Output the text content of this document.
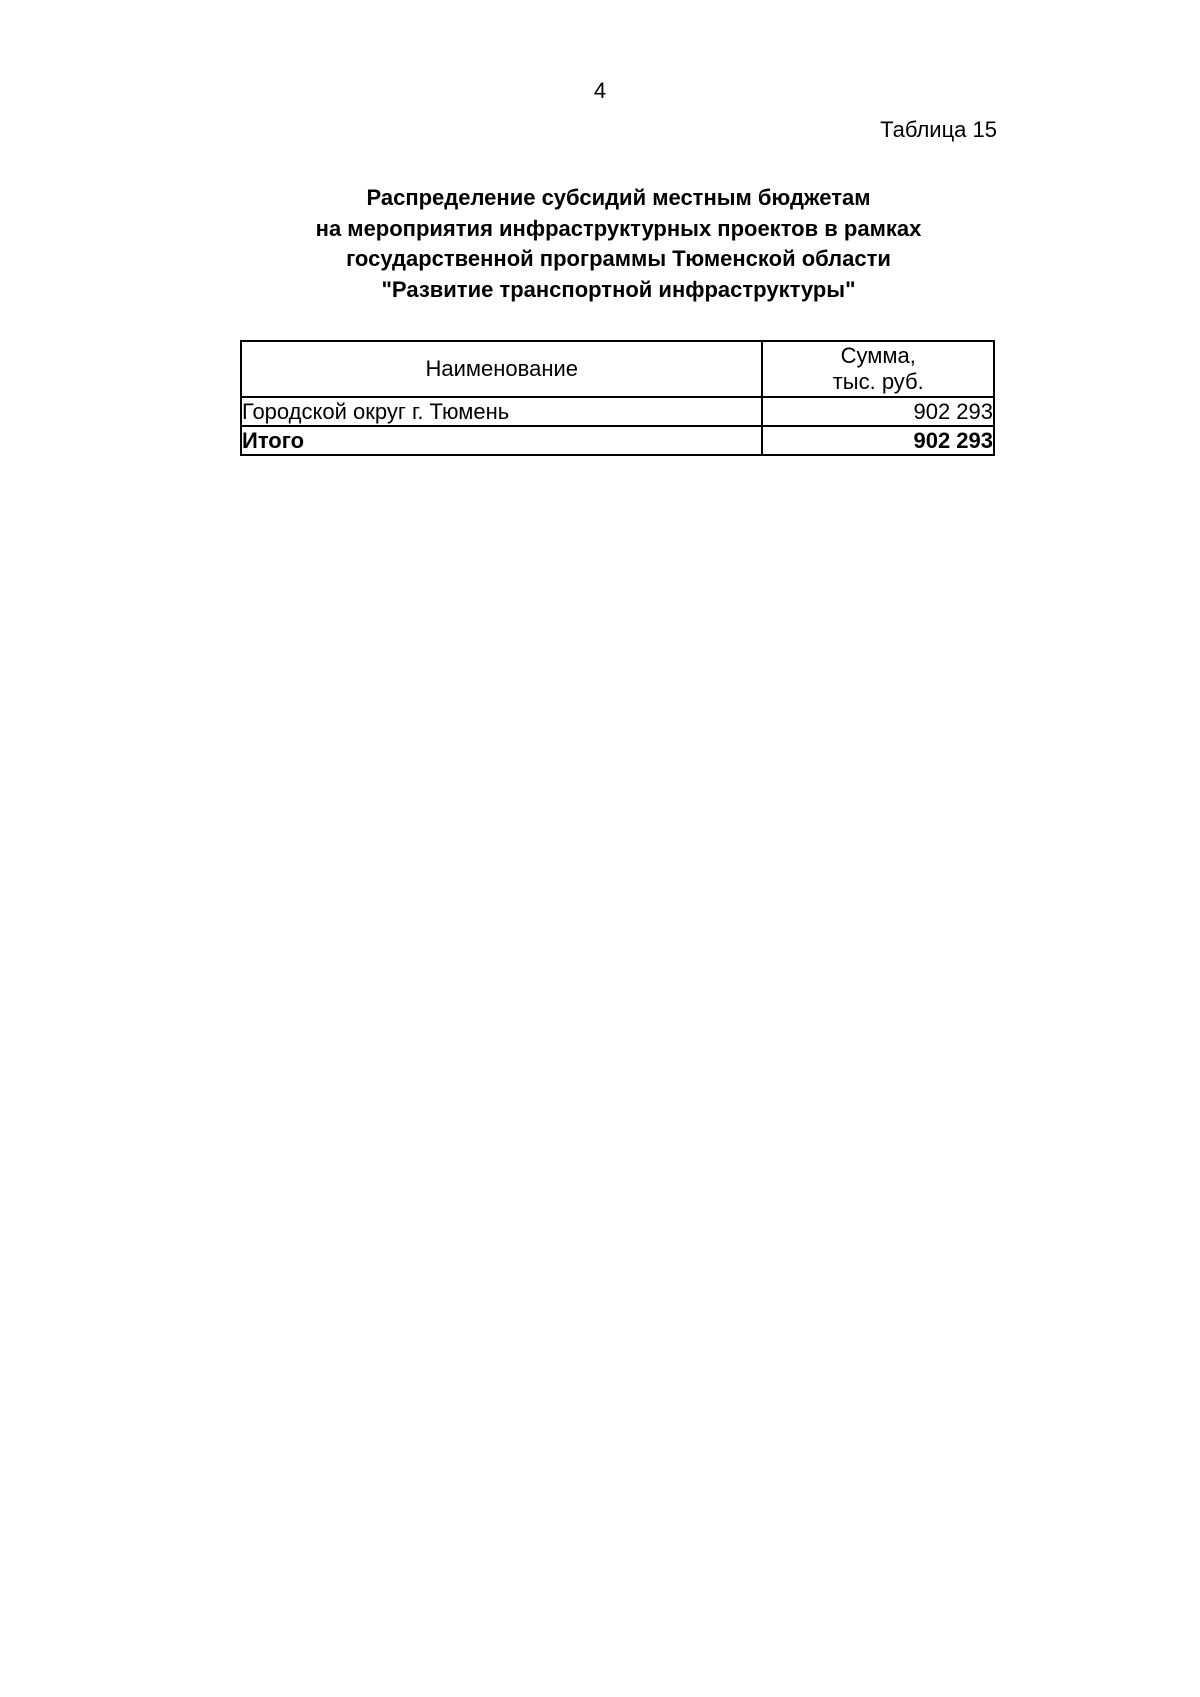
4
Таблица 15
Распределение субсидий местным бюджетам
на мероприятия инфраструктурных проектов в рамках
государственной программы Тюменской области
"Развитие транспортной инфраструктуры"
Наименование	Сумма,
тыс. руб.

Городской округ г. Тюмень	902 293
Итого	902 293
